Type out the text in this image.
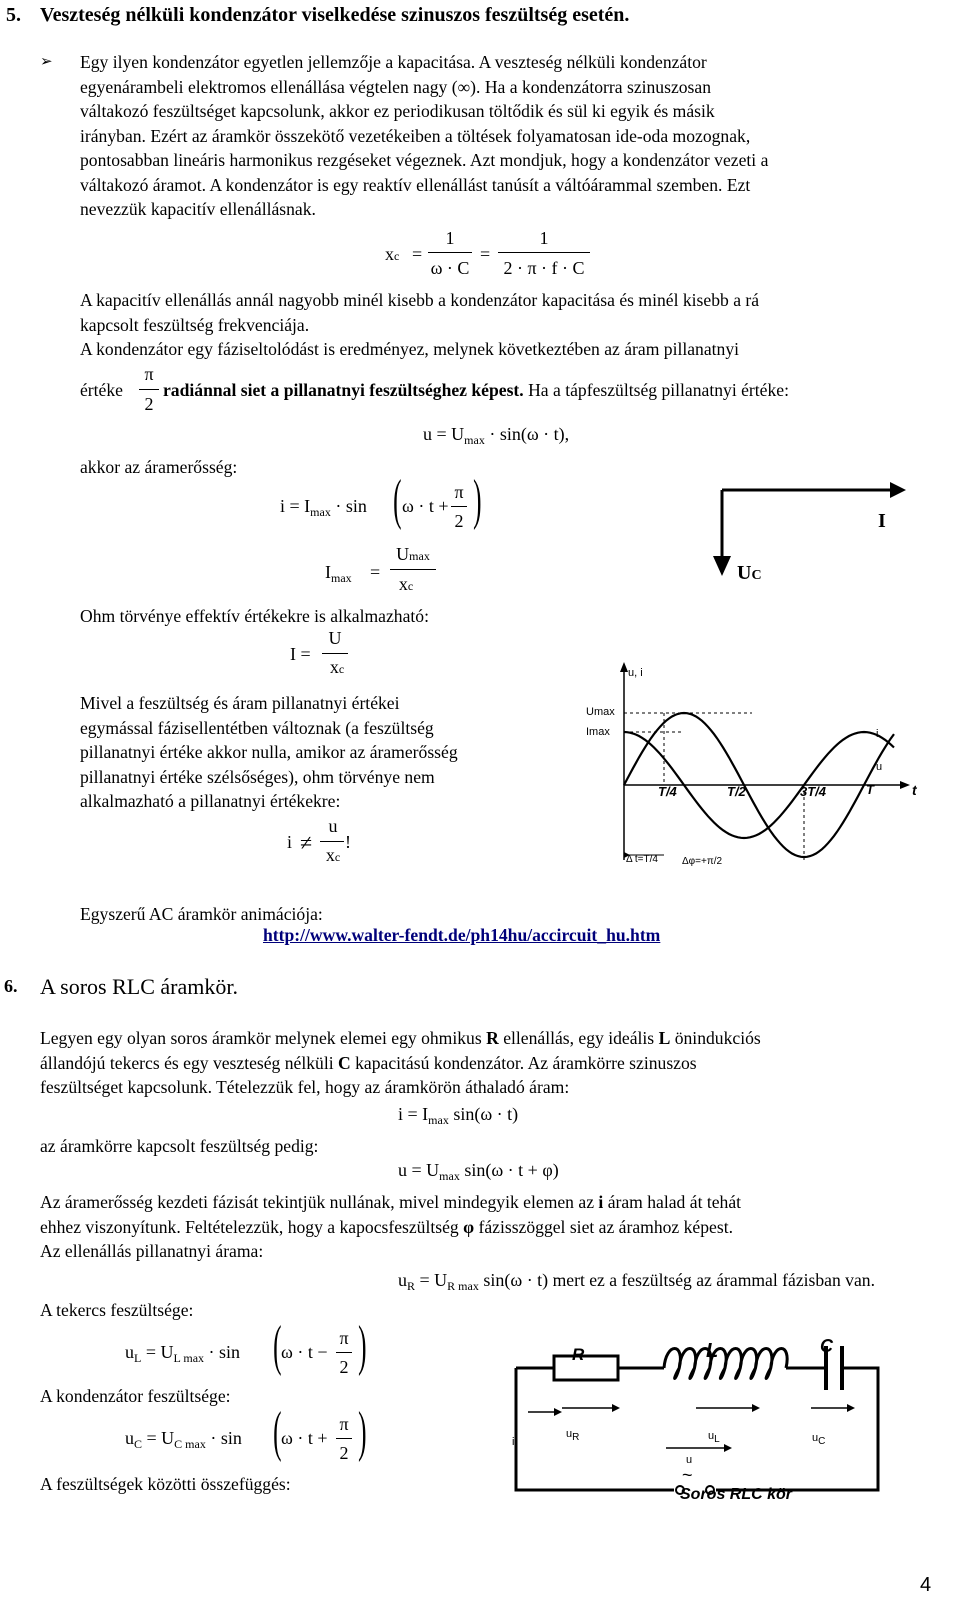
5. Veszteség nélküli kondenzátor viselkedése szinuszos feszültség esetén.
➢ Egy ilyen kondenzátor egyetlen jellemzője a kapacitása. A veszteség nélküli kondenzátor
egyenárambeli elektromos ellenállása végtelen nagy (∞). Ha a kondenzátorra szinuszosan
váltakozó feszültséget kapcsolunk, akkor ez periodikusan töltődik és sül ki egyik és másik
irányban. Ezért az áramkör összekötő vezetékeiben a töltések folyamatosan ide-oda mozognak,
pontosabban lineáris harmonikus rezgéseket végeznek. Azt mondjuk, hogy a kondenzátor vezeti a
váltakozó áramot. A kondenzátor is egy reaktív ellenállást tanúsít a váltóárammal szemben. Ezt
nevezzük kapacitív ellenállásnak.
xc =
1
ω · C
=
1
2 · π · f · C
A kapacitív ellenállás annál nagyobb minél kisebb a kondenzátor kapacitása és minél kisebb a rá
kapcsolt feszültség frekvenciája.
A kondenzátor egy fáziseltolódást is eredményez, melynek következtében az áram pillanatnyi
értéke
π
2
radiánnal siet a pillanatnyi feszültséghez képest. Ha a tápfeszültség pillanatnyi értéke:
$u = U_{max} \cdot \sin(\omega \cdot t)$,
akkor az áramerősség:
$i = I_{max} \cdot \sin$ ( ω · t +
π
2 )
$I_{max}$ =
Umax
xc
Ohm törvénye effektív értékekre is alkalmazható:
I =
U
xc
Mivel a feszültség és áram pillanatnyi értékei
egymással fázisellentétben változnak (a feszültség
pillanatnyi értéke akkor nulla, amikor az áramerősség
pillanatnyi értéke szélsőséges), ohm törvénye nem
alkalmazható a pillanatnyi értékekre:
i ≠
u
xc
!
I
UC
u, i
Umax
Imax
T/4	T/2	3T/4	T	t
i
u
Δ t=T/4 Δφ=+π/2
Egyszerű AC áramkör animációja:
http://www.walter-fendt.de/ph14hu/accircuit_hu.htm
6. A soros RLC áramkör.
Legyen egy olyan soros áramkör melynek elemei egy ohmikus R ellenállás, egy ideális L önindukciós
állandójú tekercs és egy veszteség nélküli C kapacitású kondenzátor. Az áramkörre szinuszos
feszültséget kapcsolunk. Tételezzük fel, hogy az áramkörön áthaladó áram:
$i = I_{max}$ sin(ω · t)
az áramkörre kapcsolt feszültség pedig:
$u = U_{max}$ sin(ω · t + φ)
Az áramerősség kezdeti fázisát tekintjük nullának, mivel mindegyik elemen az i áram halad át tehát
ehhez viszonyítunk. Feltételezzük, hogy a kapocsfeszültség φ fázisszöggel siet az áramhoz képest.
Az ellenállás pillanatnyi árama:
$u_R = U_{R max}$ sin(ω · t) mert ez a feszültség az árammal fázisban van.
A tekercs feszültsége:
$u_L = U_{L max} \cdot \sin$ ( ω · t −
π
2 )
A kondenzátor feszültsége:
$u_C = U_{C max} \cdot \sin$ ( ω · t +
π
2 )
A feszültségek közötti összefüggés:
R	L	C
i
uR	uL	uC
u
~
Soros RLC kör
4
